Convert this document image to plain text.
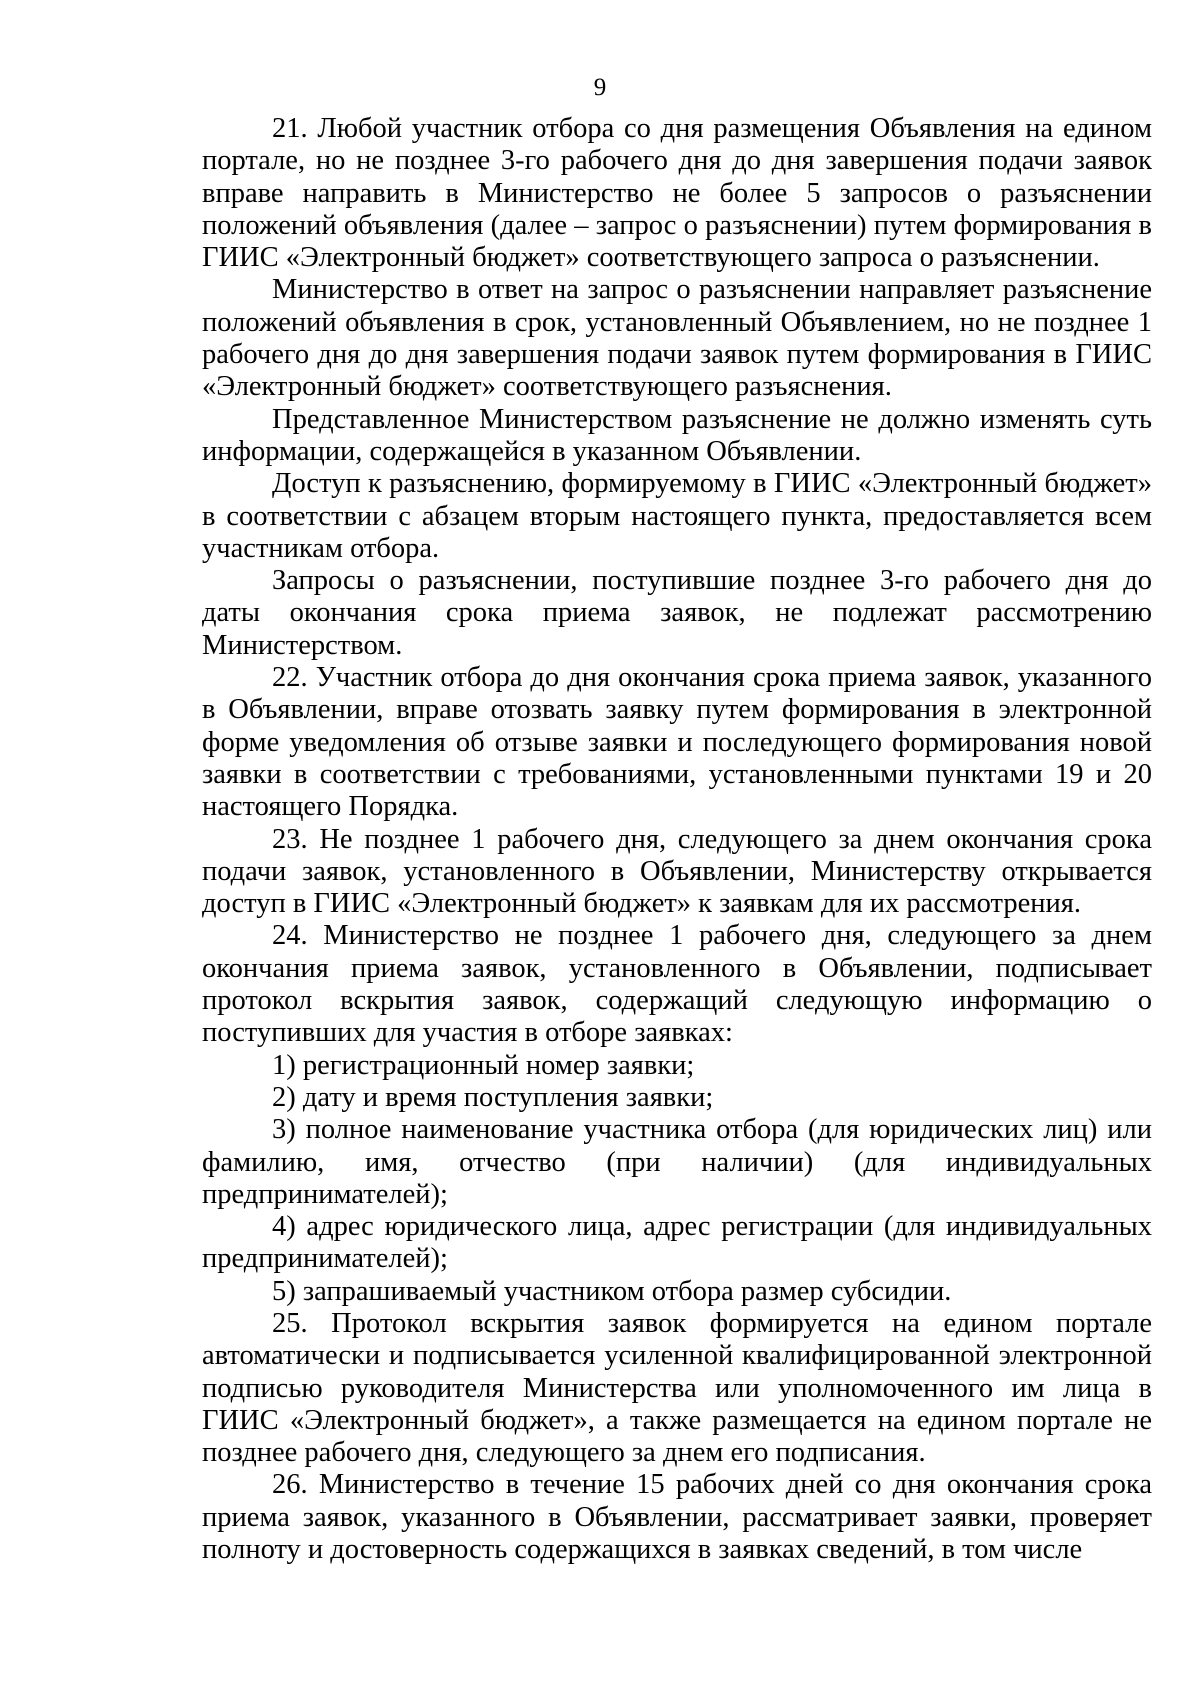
9

21. Любой участник отбора со дня размещения Объявления на едином портале, но не позднее 3-го рабочего дня до дня завершения подачи заявок вправе направить в Министерство не более 5 запросов о разъяснении положений объявления (далее – запрос о разъяснении) путем формирования в ГИИС «Электронный бюджет» соответствующего запроса о разъяснении.

Министерство в ответ на запрос о разъяснении направляет разъяснение положений объявления в срок, установленный Объявлением, но не позднее 1 рабочего дня до дня завершения подачи заявок путем формирования в ГИИС «Электронный бюджет» соответствующего разъяснения.

Представленное Министерством разъяснение не должно изменять суть информации, содержащейся в указанном Объявлении.

Доступ к разъяснению, формируемому в ГИИС «Электронный бюджет» в соответствии с абзацем вторым настоящего пункта, предоставляется всем участникам отбора.

Запросы о разъяснении, поступившие позднее 3-го рабочего дня до даты окончания срока приема заявок, не подлежат рассмотрению Министерством.

22. Участник отбора до дня окончания срока приема заявок, указанного в Объявлении, вправе отозвать заявку путем формирования в электронной форме уведомления об отзыве заявки и последующего формирования новой заявки в соответствии с требованиями, установленными пунктами 19 и 20 настоящего Порядка.

23. Не позднее 1 рабочего дня, следующего за днем окончания срока подачи заявок, установленного в Объявлении, Министерству открывается доступ в ГИИС «Электронный бюджет» к заявкам для их рассмотрения.

24. Министерство не позднее 1 рабочего дня, следующего за днем окончания приема заявок, установленного в Объявлении, подписывает протокол вскрытия заявок, содержащий следующую информацию о поступивших для участия в отборе заявках:

1) регистрационный номер заявки;

2) дату и время поступления заявки;

3) полное наименование участника отбора (для юридических лиц) или фамилию, имя, отчество (при наличии) (для индивидуальных предпринимателей);

4) адрес юридического лица, адрес регистрации (для индивидуальных предпринимателей);

5) запрашиваемый участником отбора размер субсидии.

25. Протокол вскрытия заявок формируется на едином портале автоматически и подписывается усиленной квалифицированной электронной подписью руководителя Министерства или уполномоченного им лица в ГИИС «Электронный бюджет», а также размещается на едином портале не позднее рабочего дня, следующего за днем его подписания.

26. Министерство в течение 15 рабочих дней со дня окончания срока приема заявок, указанного в Объявлении, рассматривает заявки, проверяет полноту и достоверность содержащихся в заявках сведений, в том числе
